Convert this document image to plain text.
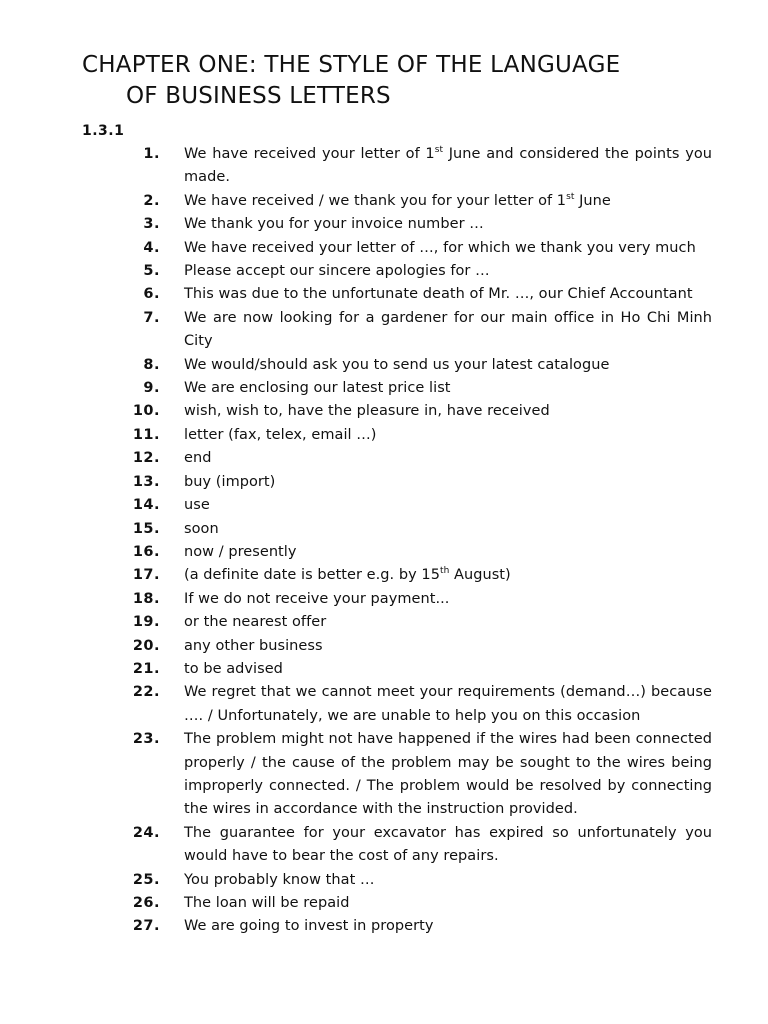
CHAPTER ONE: THE STYLE OF THE LANGUAGE
OF BUSINESS LETTERS
1.3.1
1. We have received your letter of 1st June and considered the points you made.
2. We have received / we thank you for your letter of 1st June
3. We thank you for your invoice number …
4. We have received your letter of …, for which we thank you very much
5. Please accept our sincere apologies for …
6. This was due to the unfortunate death of Mr. …, our Chief Accountant
7. We are now looking for a gardener for our main office in Ho Chi Minh City
8. We would/should ask you to send us your latest catalogue
9. We are enclosing our latest price list
10. wish, wish to, have the pleasure in, have received
11. letter (fax, telex, email …)
12. end
13. buy (import)
14. use
15. soon
16. now / presently
17. (a definite date is better e.g. by 15th August)
18. If we do not receive your payment...
19. or the nearest offer
20. any other business
21. to be advised
22. We regret that we cannot meet your requirements (demand…) because …. / Unfortunately, we are unable to help you on this occasion
23. The problem might not have happened if the wires had been connected properly / the cause of the problem may be sought to the wires being improperly connected. / The problem would be resolved by connecting the wires in accordance with the instruction provided.
24. The guarantee for your excavator has expired so unfortunately you would have to bear the cost of any repairs.
25. You probably know that …
26. The loan will be repaid
27. We are going to invest in property
